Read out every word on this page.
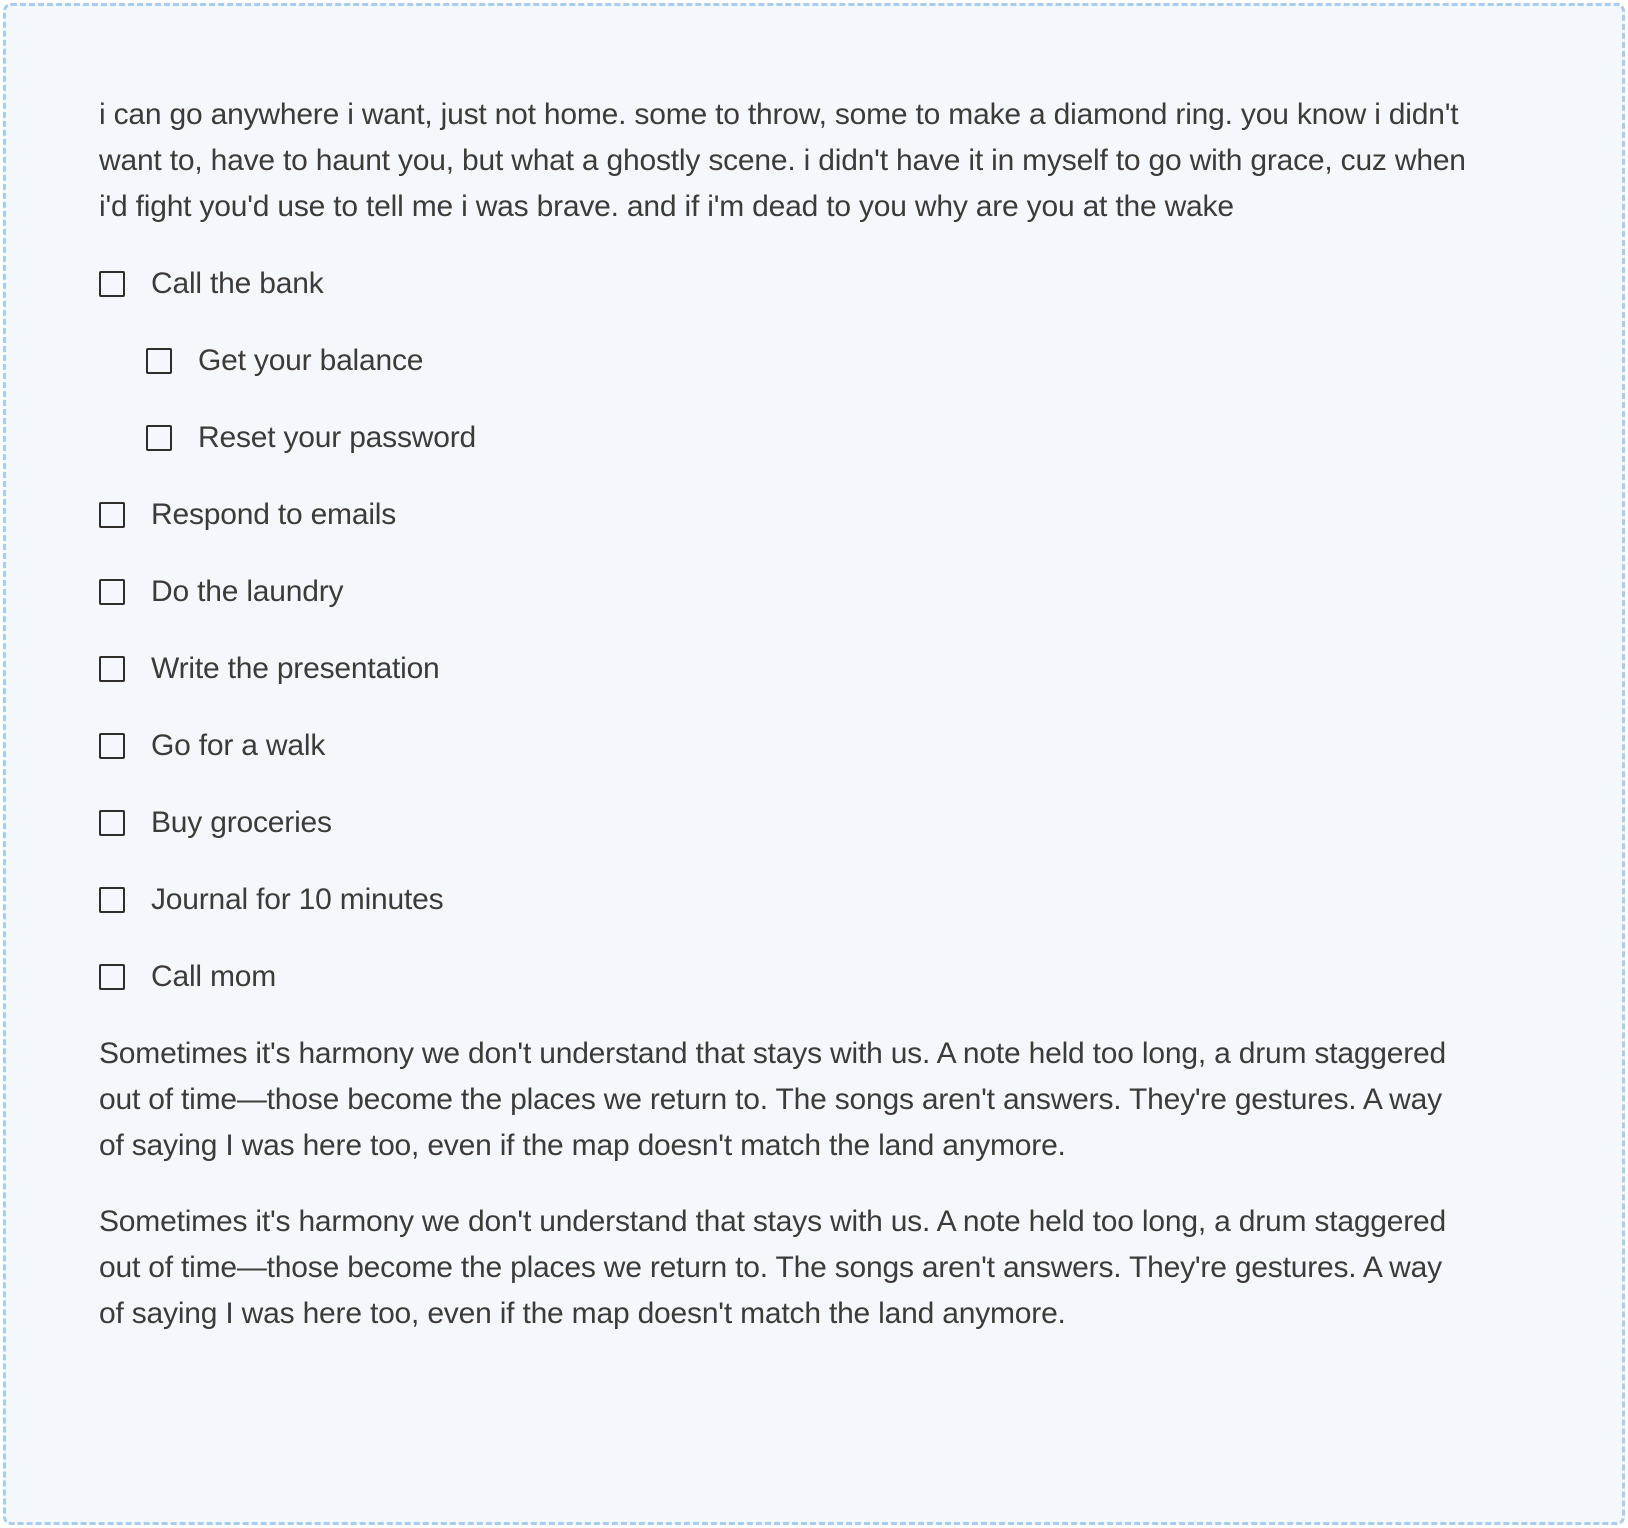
i can go anywhere i want, just not home. some to throw, some to make a diamond ring. you know i didn't want to, have to haunt you, but what a ghostly scene. i didn't have it in myself to go with grace, cuz when i'd fight you'd use to tell me i was brave. and if i'm dead to you why are you at the wake

Call the bank
Get your balance
Reset your password
Respond to emails
Do the laundry
Write the presentation
Go for a walk
Buy groceries
Journal for 10 minutes
Call mom

Sometimes it's harmony we don't understand that stays with us. A note held too long, a drum staggered out of time—those become the places we return to. The songs aren't answers. They're gestures. A way of saying I was here too, even if the map doesn't match the land anymore.

Sometimes it's harmony we don't understand that stays with us. A note held too long, a drum staggered out of time—those become the places we return to. The songs aren't answers. They're gestures. A way of saying I was here too, even if the map doesn't match the land anymore.
